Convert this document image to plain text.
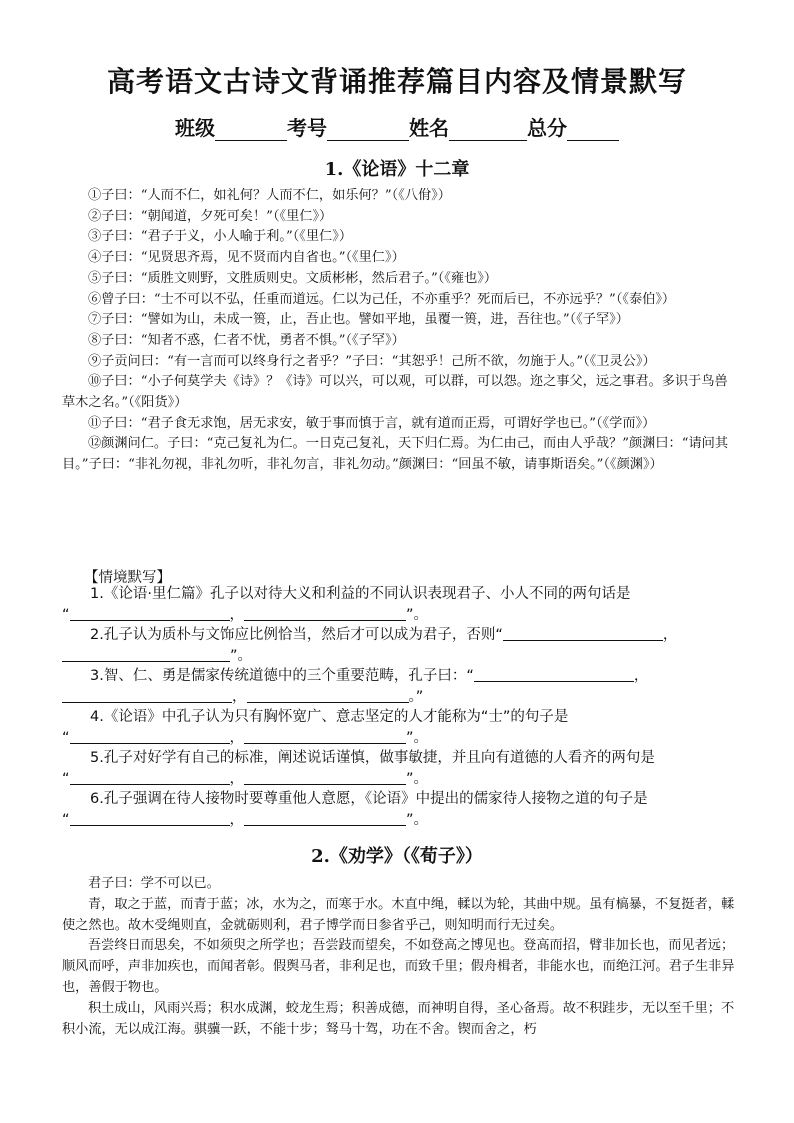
高考语文古诗文背诵推荐篇目内容及情景默写
班级	考号	姓名	总分
1.《论语》十二章

①子曰：“人而不仁，如礼何？人而不仁，如乐何？”（《八佾》）

②子曰：“朝闻道，夕死可矣！”（《里仁》）

③子曰：“君子于义，小人喻于利。”（《里仁》）

④子曰：“见贤思齐焉，见不贤而内自省也。”（《里仁》）

⑤子曰：“质胜文则野，文胜质则史。文质彬彬，然后君子。”（《雍也》）

⑥曾子曰：“士不可以不弘，任重而道远。仁以为己任，不亦重乎？死而后已，不亦远乎？”（《泰伯》）

⑦子曰：“譬如为山，未成一篑，止，吾止也。譬如平地，虽覆一篑，进，吾往也。”（《子罕》）

⑧子曰：“知者不惑，仁者不忧，勇者不惧。”（《子罕》）

⑨子贡问曰：“有一言而可以终身行之者乎？”子曰：“其恕乎！己所不欲，勿施于人。”（《卫灵公》）

⑩子曰：“小子何莫学夫《诗》？《诗》可以兴，可以观，可以群，可以怨。迩之事父，远之事君。多识于鸟兽草木之名。”（《阳货》）

⑪子曰：“君子食无求饱，居无求安，敏于事而慎于言，就有道而正焉，可谓好学也已。”（《学而》）

⑫颜渊问仁。子曰：“克己复礼为仁。一日克己复礼，天下归仁焉。为仁由己，而由人乎哉？”颜渊曰：“请问其目。”子曰：“非礼勿视，非礼勿听，非礼勿言，非礼勿动。”颜渊曰：“回虽不敏，请事斯语矣。”（《颜渊》）

【情境默写】
1.《论语·里仁篇》孔子以对待大义和利益的不同认识表现君子、小人不同的两句话是
“	，	”。
2.孔子认为质朴与文饰应比例恰当，然后才可以成为君子，否则“	，
”。
3.智、仁、勇是儒家传统道德中的三个重要范畴，孔子曰：“	，
，	。”
4.《论语》中孔子认为只有胸怀宽广、意志坚定的人才能称为“士”的句子是
“	，	”。
5.孔子对好学有自己的标准，阐述说话谨慎，做事敏捷，并且向有道德的人看齐的两句是
“	，	”。
6.孔子强调在待人接物时要尊重他人意愿，《论语》中提出的儒家待人接物之道的句子是
“	，	”。
2.《劝学》（《荀子》）

君子曰：学不可以已。

青，取之于蓝，而青于蓝；冰，水为之，而寒于水。木直中绳，輮以为轮，其曲中规。虽有槁暴，不复挺者，輮使之然也。故木受绳则直，金就砺则利，君子博学而日参省乎己，则知明而行无过矣。

吾尝终日而思矣，不如须臾之所学也；吾尝跂而望矣，不如登高之博见也。登高而招，臂非加长也，而见者远；顺风而呼，声非加疾也，而闻者彰。假舆马者，非利足也，而致千里；假舟楫者，非能水也，而绝江河。君子生非异也，善假于物也。

积土成山，风雨兴焉；积水成渊，蛟龙生焉；积善成德，而神明自得，圣心备焉。故不积跬步，无以至千里；不积小流，无以成江海。骐骥一跃，不能十步；驽马十驾，功在不舍。锲而舍之，朽
